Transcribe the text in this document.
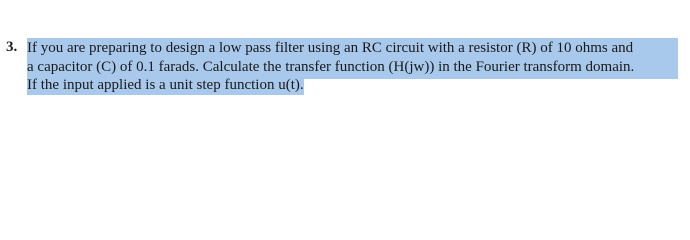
3. If you are preparing to design a low pass filter using an RC circuit with a resistor (R) of 10 ohms and
a capacitor (C) of 0.1 farads. Calculate the transfer function (H(jw)) in the Fourier transform domain.
If the input applied is a unit step function u(t).
